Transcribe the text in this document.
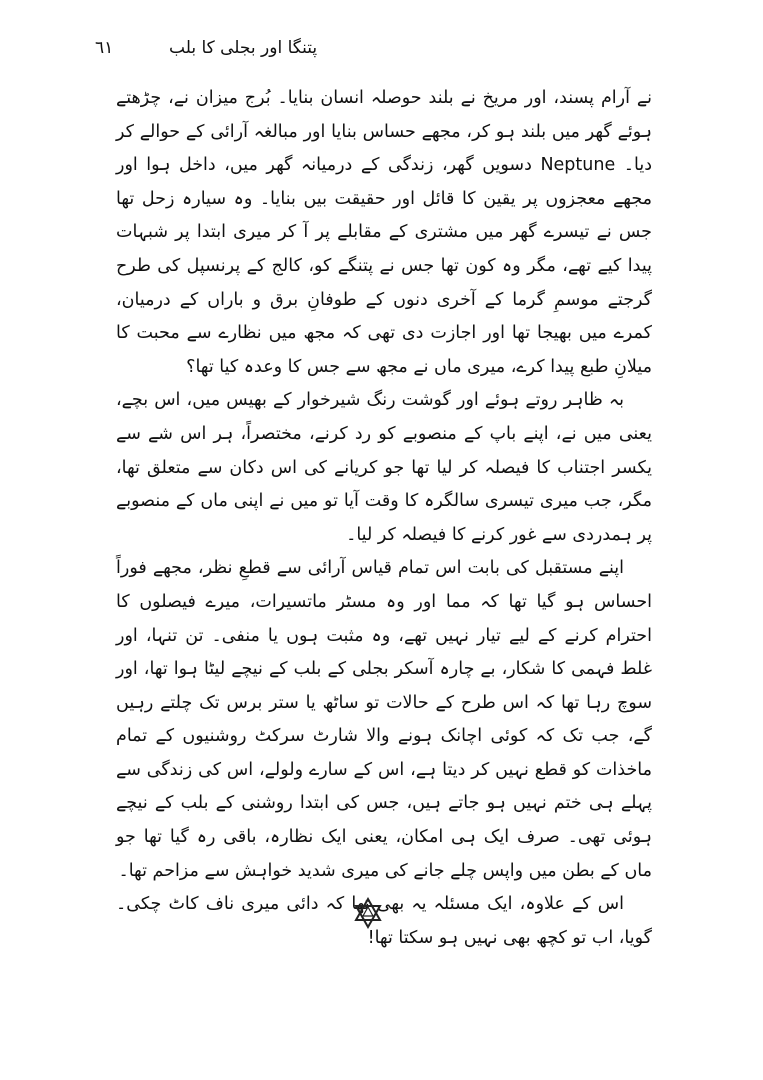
٦١	پتنگا اور بجلی کا بلب

نے آرام پسند، اور مریخ نے بلند حوصلہ انسان بنایا۔ بُرج میزان نے، چڑھتے ہوئے گھر میں بلند ہو کر، مجھے حساس بنایا اور مبالغہ آرائی کے حوالے کر دیا۔ Neptune دسویں گھر، زندگی کے درمیانہ گھر میں، داخل ہوا اور مجھے معجزوں پر یقین کا قائل اور حقیقت بیں بنایا۔ وہ سیارہ زحل تھا جس نے تیسرے گھر میں مشتری کے مقابلے پر آ کر میری ابتدا پر شبہات پیدا کیے تھے، مگر وہ کون تھا جس نے پتنگے کو، کالج کے پرنسپل کی طرح گرجتے موسمِ گرما کے آخری دنوں کے طوفانِ برق و باراں کے درمیان، کمرے میں بھیجا تھا اور اجازت دی تھی کہ مجھ میں نظارے سے محبت کا میلانِ طبع پیدا کرے، میری ماں نے مجھ سے جس کا وعدہ کیا تھا؟

بہ ظاہر روتے ہوئے اور گوشت رنگ شیرخوار کے بھیس میں، اس بچے، یعنی میں نے، اپنے باپ کے منصوبے کو رد کرنے، مختصراً، ہر اس شے سے یکسر اجتناب کا فیصلہ کر لیا تھا جو کریانے کی اس دکان سے متعلق تھا، مگر، جب میری تیسری سالگرہ کا وقت آیا تو میں نے اپنی ماں کے منصوبے پر ہمدردی سے غور کرنے کا فیصلہ کر لیا۔

اپنے مستقبل کی بابت اس تمام قیاس آرائی سے قطعِ نظر، مجھے فوراً احساس ہو گیا تھا کہ مما اور وہ مسٹر ماتسیرات، میرے فیصلوں کا احترام کرنے کے لیے تیار نہیں تھے، وہ مثبت ہوں یا منفی۔ تن تنہا، اور غلط فہمی کا شکار، بے چارہ آسکر بجلی کے بلب کے نیچے لیٹا ہوا تھا، اور سوچ رہا تھا کہ اس طرح کے حالات تو ساٹھ یا ستر برس تک چلتے رہیں گے، جب تک کہ کوئی اچانک ہونے والا شارٹ سرکٹ روشنیوں کے تمام ماخذات کو قطع نہیں کر دیتا ہے، اس کے سارے ولولے، اس کی زندگی سے پہلے ہی ختم نہیں ہو جاتے ہیں، جس کی ابتدا روشنی کے بلب کے نیچے ہوئی تھی۔ صرف ایک ہی امکان، یعنی ایک نظارہ، باقی رہ گیا تھا جو ماں کے بطن میں واپس چلے جانے کی میری شدید خواہش سے مزاحم تھا۔

اس کے علاوہ، ایک مسئلہ یہ بھی تھا کہ دائی میری ناف کاٹ چکی۔ گویا، اب تو کچھ بھی نہیں ہو سکتا تھا!
